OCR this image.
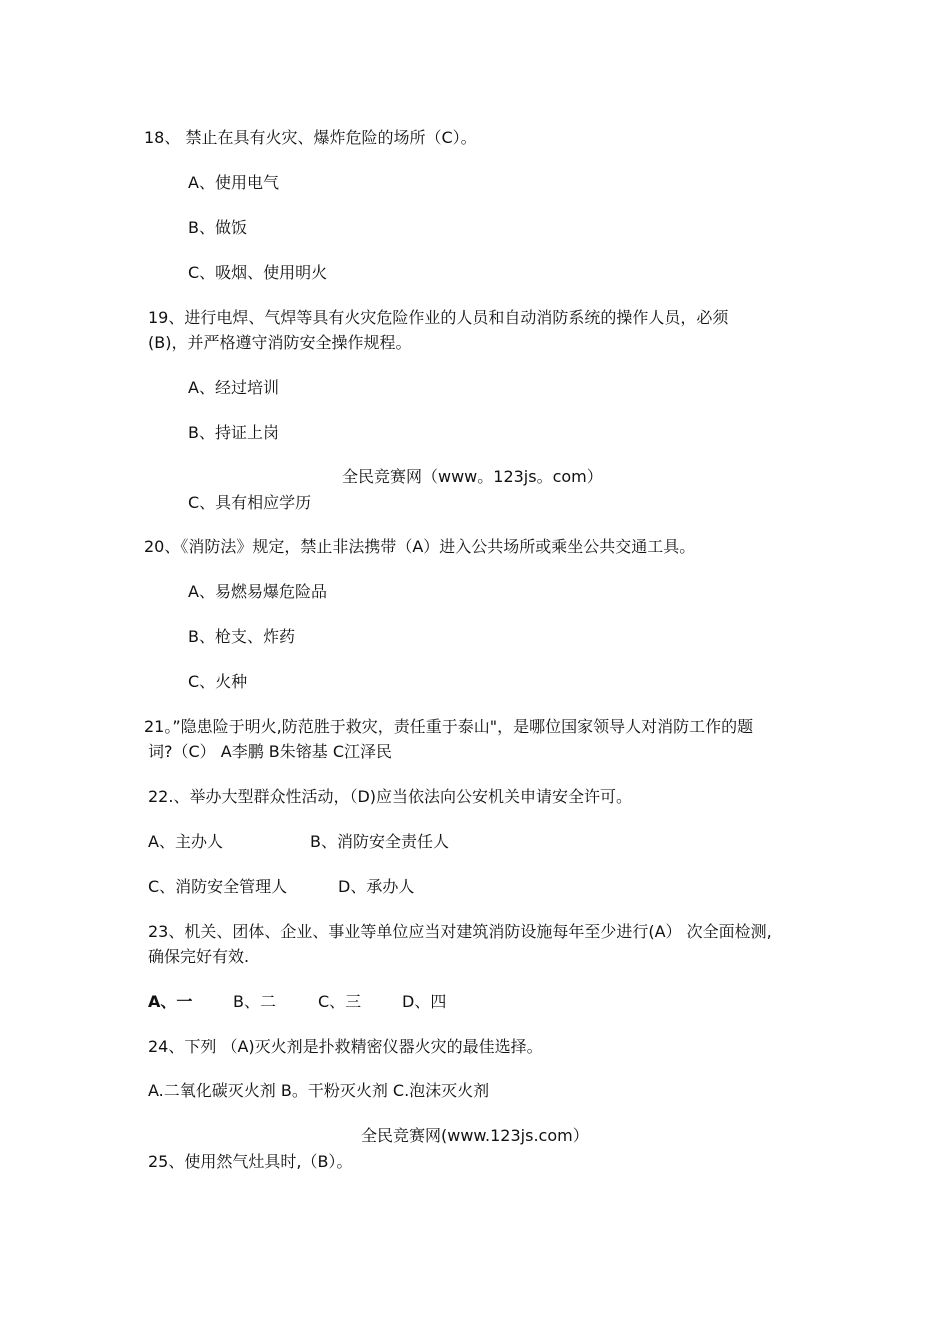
18、 禁止在具有火灾、爆炸危险的场所（C）。

A、使用电气

B、做饭

C、吸烟、使用明火

19、进行电焊、气焊等具有火灾危险作业的人员和自动消防系统的操作人员，必须

(B)，并严格遵守消防安全操作规程。

A、经过培训

B、持证上岗

全民竞赛网（www。123js。com）

C、具有相应学历

20、《消防法》规定，禁止非法携带（A）进入公共场所或乘坐公共交通工具。

A、易燃易爆危险品

B、枪支、炸药

C、火种

21。”隐患险于明火,防范胜于救灾，责任重于泰山"，是哪位国家领导人对消防工作的题

词?（C） A李鹏 B朱镕基 C江泽民

22.、举办大型群众性活动，（D)应当依法向公安机关申请安全许可。

A、主办人	B、消防安全责任人

C、消防安全管理人	D、承办人

23、机关、团体、企业、事业等单位应当对建筑消防设施每年至少进行(A） 次全面检测,

确保完好有效.

A、一	B、二	C、三	D、四

24、下列 （A)灭火剂是扑救精密仪器火灾的最佳选择。

A.二氧化碳灭火剂 B。干粉灭火剂 C.泡沫灭火剂

全民竞赛网(www.123js.com）

25、使用然气灶具时,（B）。
